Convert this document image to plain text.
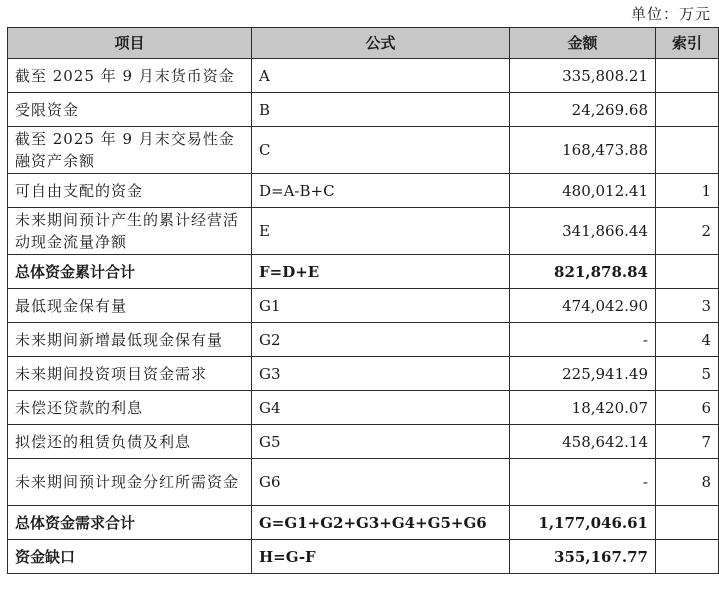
单位：万元
项目	公式	金额	索引
截至 2025 年 9 月末货币资金	A	335,808.21	
受限资金	B	24,269.68	
截至 2025 年 9 月末交易性金融资产余额	C	168,473.88	
可自由支配的资金	D=A-B+C	480,012.41	1
未来期间预计产生的累计经营活动现金流量净额	E	341,866.44	2
总体资金累计合计	F=D+E	821,878.84	
最低现金保有量	G1	474,042.90	3
未来期间新增最低现金保有量	G2	-	4
未来期间投资项目资金需求	G3	225,941.49	5
未偿还贷款的利息	G4	18,420.07	6
拟偿还的租赁负债及利息	G5	458,642.14	7
未来期间预计现金分红所需资金	G6	-	8
总体资金需求合计	G=G1+G2+G3+G4+G5+G6	1,177,046.61	
资金缺口	H=G-F	355,167.77	
